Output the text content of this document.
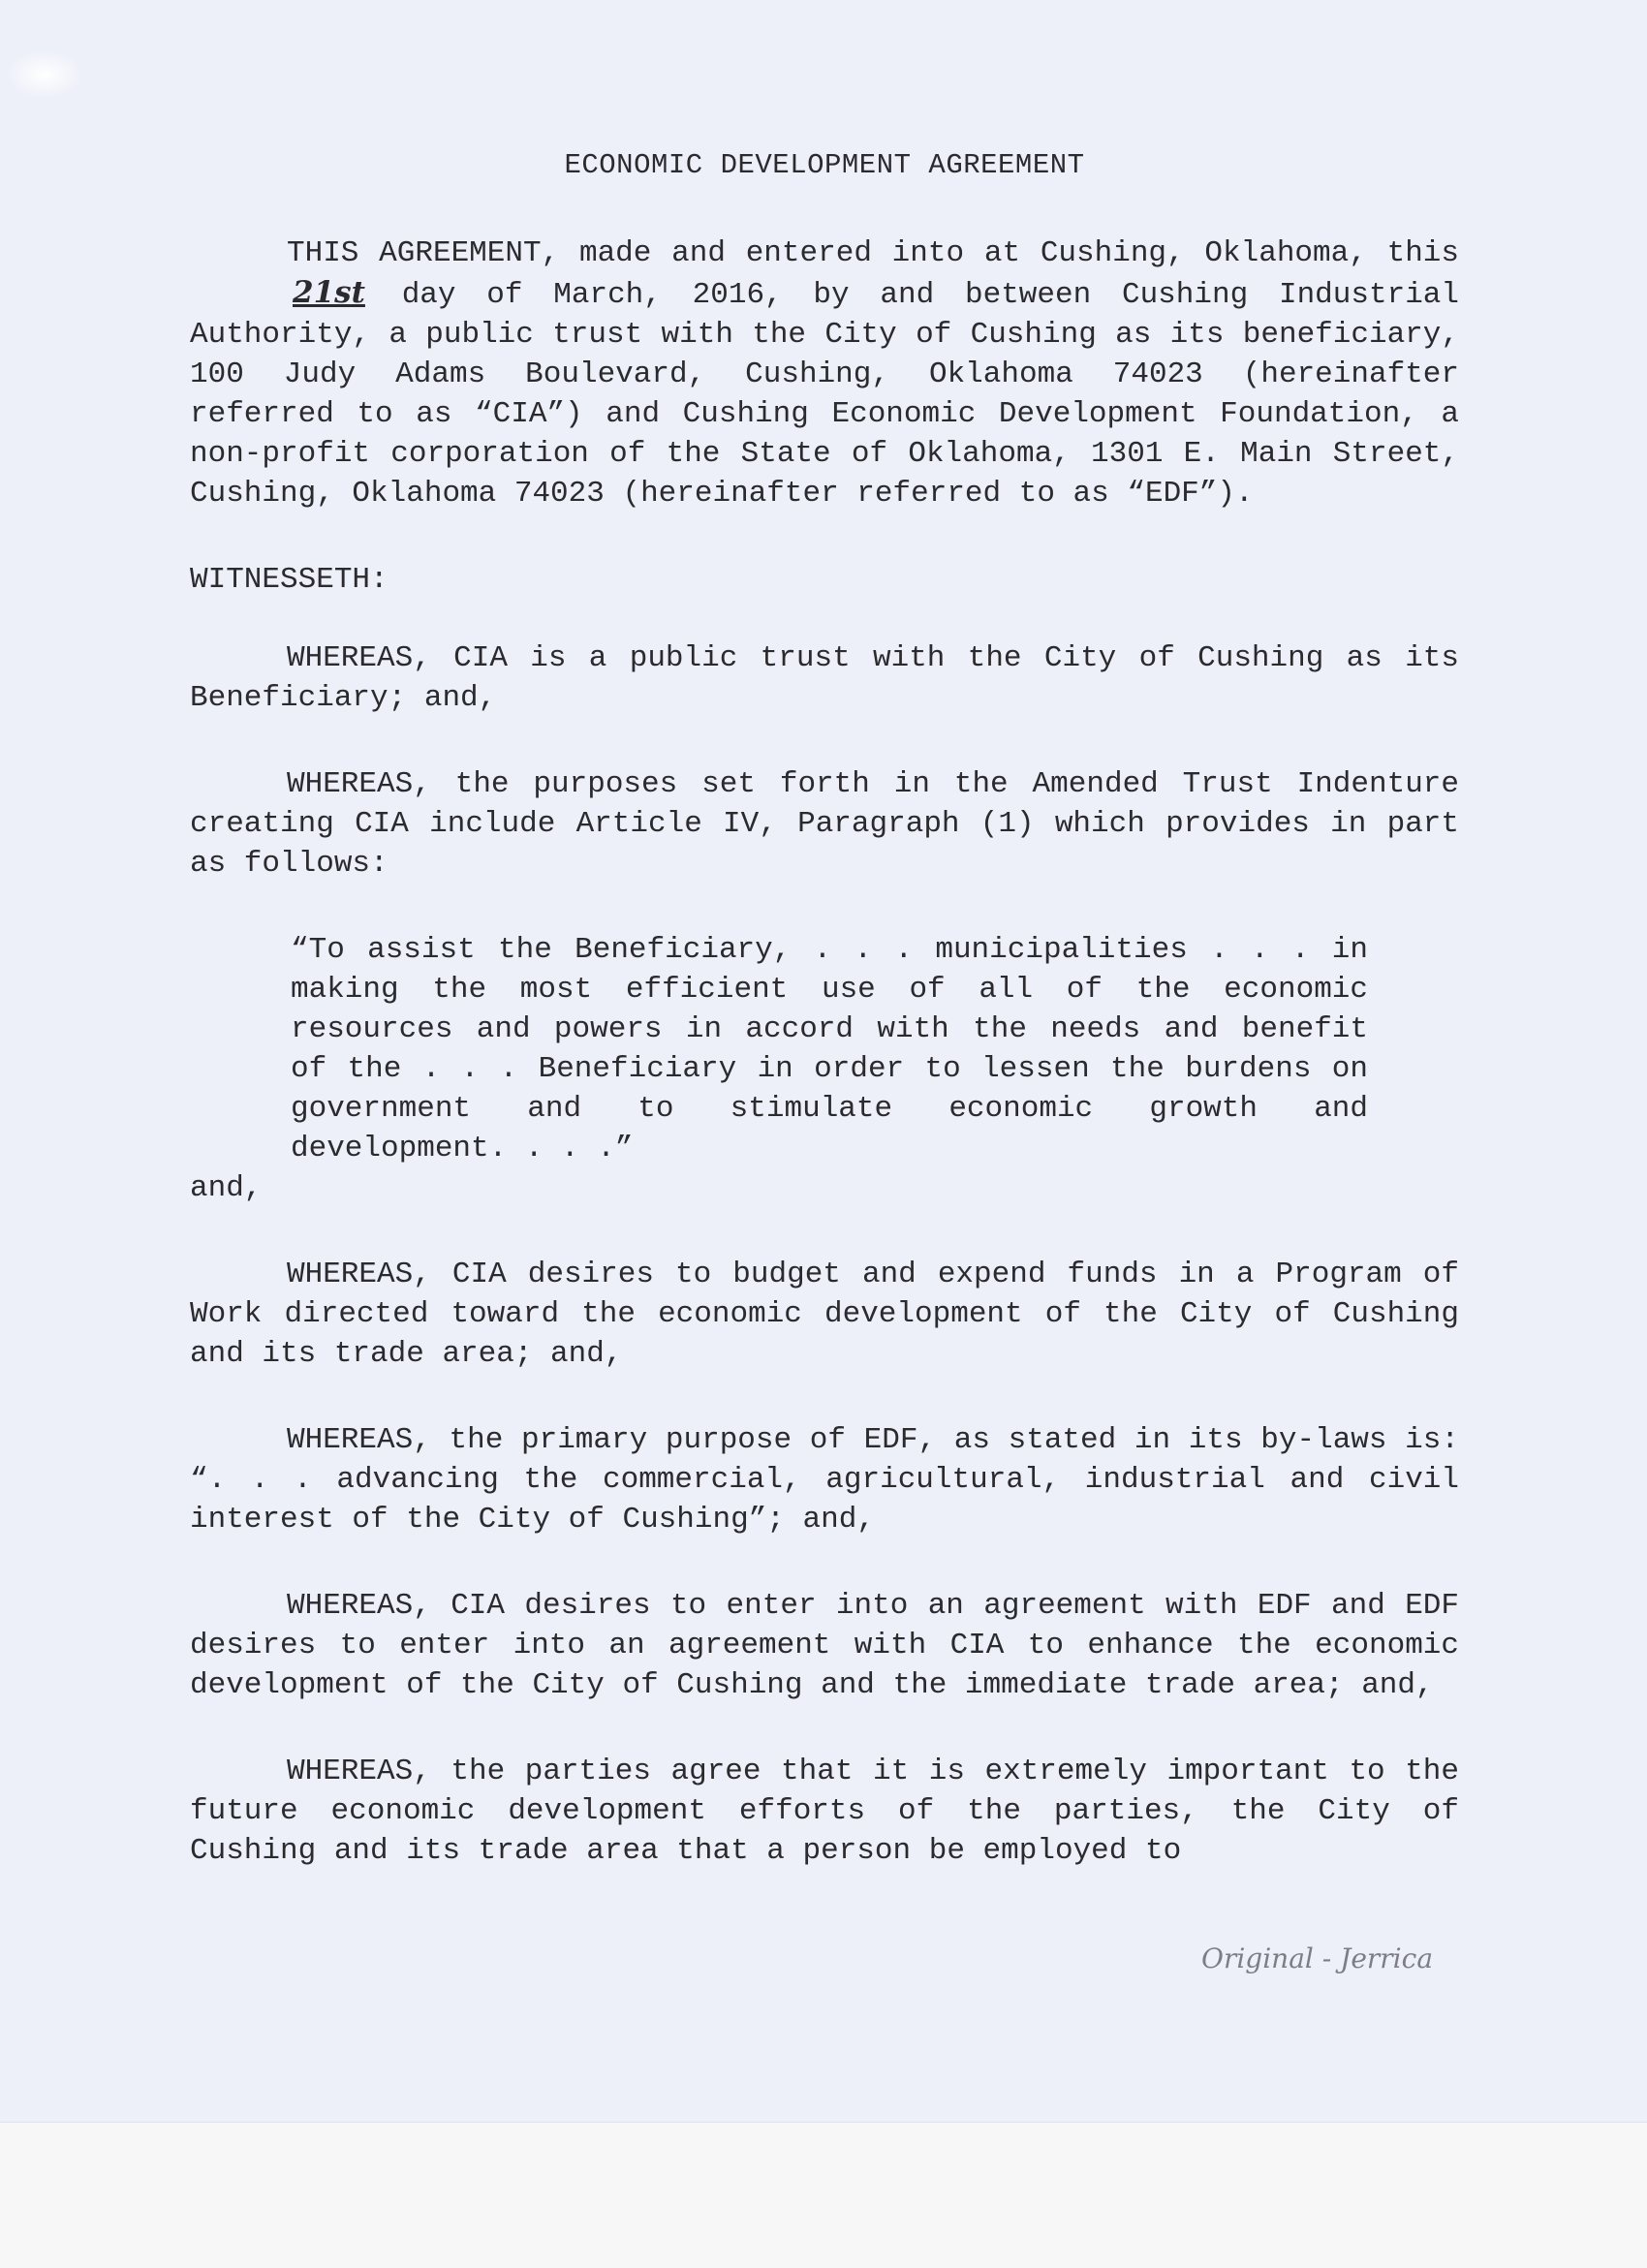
ECONOMIC DEVELOPMENT AGREEMENT

THIS AGREEMENT, made and entered into at Cushing, Oklahoma, this 21st day of March, 2016, by and between Cushing Industrial Authority, a public trust with the City of Cushing as its beneficiary, 100 Judy Adams Boulevard, Cushing, Oklahoma 74023 (hereinafter referred to as “CIA”) and Cushing Economic Development Foundation, a non-profit corporation of the State of Oklahoma, 1301 E. Main Street, Cushing, Oklahoma 74023 (hereinafter referred to as “EDF”).

WITNESSETH:

WHEREAS, CIA is a public trust with the City of Cushing as its Beneficiary; and,

WHEREAS, the purposes set forth in the Amended Trust Indenture creating CIA include Article IV, Paragraph (1) which provides in part as follows:

“To assist the Beneficiary, . . . municipalities . . . in making the most efficient use of all of the economic resources and powers in accord with the needs and benefit of the . . . Beneficiary in order to lessen the burdens on government and to stimulate economic growth and development. . . .”

and,

WHEREAS, CIA desires to budget and expend funds in a Program of Work directed toward the economic development of the City of Cushing and its trade area; and,

WHEREAS, the primary purpose of EDF, as stated in its by-laws is: “. . . advancing the commercial, agricultural, industrial and civil interest of the City of Cushing”; and,

WHEREAS, CIA desires to enter into an agreement with EDF and EDF desires to enter into an agreement with CIA to enhance the economic development of the City of Cushing and the immediate trade area; and,

WHEREAS, the parties agree that it is extremely important to the future economic development efforts of the parties, the City of Cushing and its trade area that a person be employed to

Original - Jerrica
